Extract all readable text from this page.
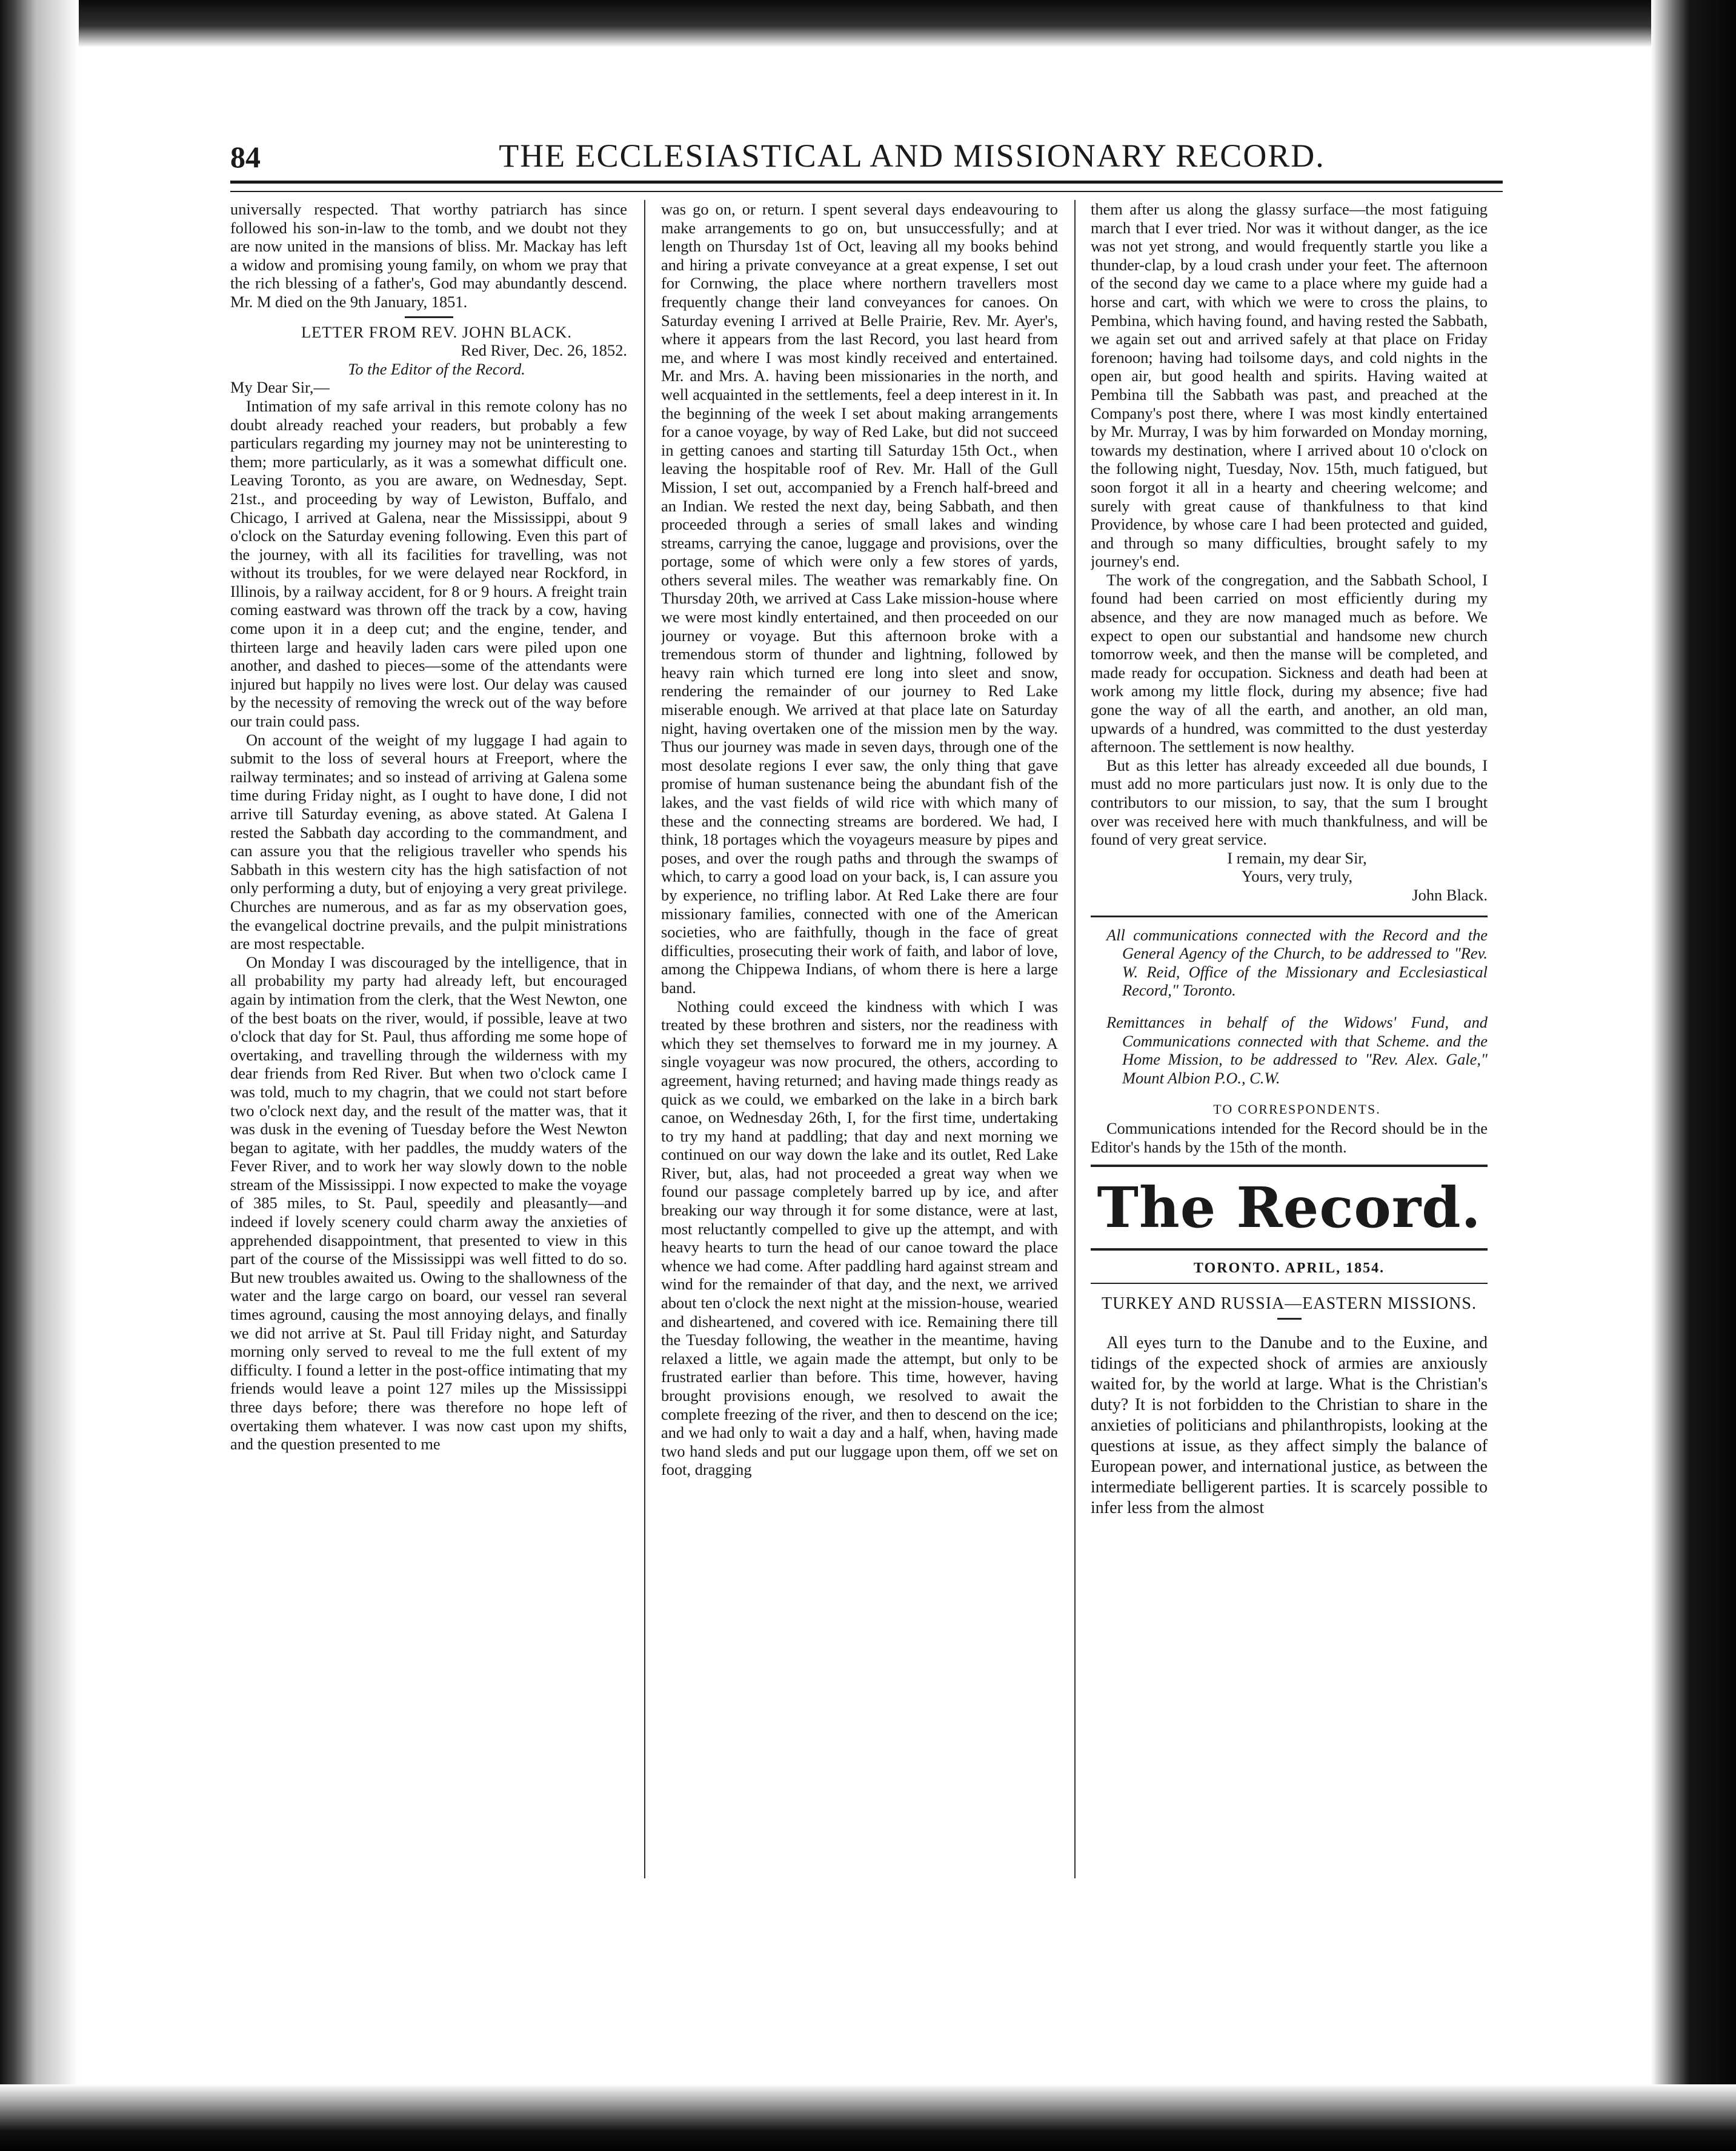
84	THE ECCLESIASTICAL AND MISSIONARY RECORD.

universally respected. That worthy patriarch has since followed his son-in-law to the tomb, and we doubt not they are now united in the mansions of bliss. Mr. Mackay has left a widow and promising young family, on whom we pray that the rich blessing of a father's, God may abundantly descend. Mr. M died on the 9th January, 1851.

LETTER FROM REV. JOHN BLACK.

Red River, Dec. 26, 1852.

To the Editor of the Record.

My Dear Sir,—

Intimation of my safe arrival in this remote colony has no doubt already reached your readers, but probably a few particulars regarding my journey may not be uninteresting to them; more particularly, as it was a somewhat difficult one. Leaving Toronto, as you are aware, on Wednesday, Sept. 21st., and proceeding by way of Lewiston, Buffalo, and Chicago, I arrived at Galena, near the Mississippi, about 9 o'clock on the Saturday evening following. Even this part of the journey, with all its facilities for travelling, was not without its troubles, for we were delayed near Rockford, in Illinois, by a railway accident, for 8 or 9 hours. A freight train coming eastward was thrown off the track by a cow, having come upon it in a deep cut; and the engine, tender, and thirteen large and heavily laden cars were piled upon one another, and dashed to pieces—some of the attendants were injured but happily no lives were lost. Our delay was caused by the necessity of removing the wreck out of the way before our train could pass.

On account of the weight of my luggage I had again to submit to the loss of several hours at Freeport, where the railway terminates; and so instead of arriving at Galena some time during Friday night, as I ought to have done, I did not arrive till Saturday evening, as above stated. At Galena I rested the Sabbath day according to the commandment, and can assure you that the religious traveller who spends his Sabbath in this western city has the high satisfaction of not only performing a duty, but of enjoying a very great privilege. Churches are numerous, and as far as my observation goes, the evangelical doctrine prevails, and the pulpit ministrations are most respectable.

On Monday I was discouraged by the intelligence, that in all probability my party had already left, but encouraged again by intimation from the clerk, that the West Newton, one of the best boats on the river, would, if possible, leave at two o'clock that day for St. Paul, thus affording me some hope of overtaking, and travelling through the wilderness with my dear friends from Red River. But when two o'clock came I was told, much to my chagrin, that we could not start before two o'clock next day, and the result of the matter was, that it was dusk in the evening of Tuesday before the West Newton began to agitate, with her paddles, the muddy waters of the Fever River, and to work her way slowly down to the noble stream of the Mississippi. I now expected to make the voyage of 385 miles, to St. Paul, speedily and pleasantly—and indeed if lovely scenery could charm away the anxieties of apprehended disappointment, that presented to view in this part of the course of the Mississippi was well fitted to do so. But new troubles awaited us. Owing to the shallowness of the water and the large cargo on board, our vessel ran several times aground, causing the most annoying delays, and finally we did not arrive at St. Paul till Friday night, and Saturday morning only served to reveal to me the full extent of my difficulty. I found a letter in the post-office intimating that my friends would leave a point 127 miles up the Mississippi three days before; there was therefore no hope left of overtaking them whatever. I was now cast upon my shifts, and the question presented to me

was go on, or return. I spent several days endeavouring to make arrangements to go on, but unsuccessfully; and at length on Thursday 1st of Oct, leaving all my books behind and hiring a private conveyance at a great expense, I set out for Cornwing, the place where northern travellers most frequently change their land conveyances for canoes. On Saturday evening I arrived at Belle Prairie, Rev. Mr. Ayer's, where it appears from the last Record, you last heard from me, and where I was most kindly received and entertained. Mr. and Mrs. A. having been missionaries in the north, and well acquainted in the settlements, feel a deep interest in it. In the beginning of the week I set about making arrangements for a canoe voyage, by way of Red Lake, but did not succeed in getting canoes and starting till Saturday 15th Oct., when leaving the hospitable roof of Rev. Mr. Hall of the Gull Mission, I set out, accompanied by a French half-breed and an Indian. We rested the next day, being Sabbath, and then proceeded through a series of small lakes and winding streams, carrying the canoe, luggage and provisions, over the portage, some of which were only a few stores of yards, others several miles. The weather was remarkably fine. On Thursday 20th, we arrived at Cass Lake mission-house where we were most kindly entertained, and then proceeded on our journey or voyage. But this afternoon broke with a tremendous storm of thunder and lightning, followed by heavy rain which turned ere long into sleet and snow, rendering the remainder of our journey to Red Lake miserable enough. We arrived at that place late on Saturday night, having overtaken one of the mission men by the way. Thus our journey was made in seven days, through one of the most desolate regions I ever saw, the only thing that gave promise of human sustenance being the abundant fish of the lakes, and the vast fields of wild rice with which many of these and the connecting streams are bordered. We had, I think, 18 portages which the voyageurs measure by pipes and poses, and over the rough paths and through the swamps of which, to carry a good load on your back, is, I can assure you by experience, no trifling labor. At Red Lake there are four missionary families, connected with one of the American societies, who are faithfully, though in the face of great difficulties, prosecuting their work of faith, and labor of love, among the Chippewa Indians, of whom there is here a large band.

Nothing could exceed the kindness with which I was treated by these brothren and sisters, nor the readiness with which they set themselves to forward me in my journey. A single voyageur was now procured, the others, according to agreement, having returned; and having made things ready as quick as we could, we embarked on the lake in a birch bark canoe, on Wednesday 26th, I, for the first time, undertaking to try my hand at paddling; that day and next morning we continued on our way down the lake and its outlet, Red Lake River, but, alas, had not proceeded a great way when we found our passage completely barred up by ice, and after breaking our way through it for some distance, were at last, most reluctantly compelled to give up the attempt, and with heavy hearts to turn the head of our canoe toward the place whence we had come. After paddling hard against stream and wind for the remainder of that day, and the next, we arrived about ten o'clock the next night at the mission-house, wearied and disheartened, and covered with ice. Remaining there till the Tuesday following, the weather in the meantime, having relaxed a little, we again made the attempt, but only to be frustrated earlier than before. This time, however, having brought provisions enough, we resolved to await the complete freezing of the river, and then to descend on the ice; and we had only to wait a day and a half, when, having made two hand sleds and put our luggage upon them, off we set on foot, dragging

them after us along the glassy surface—the most fatiguing march that I ever tried. Nor was it without danger, as the ice was not yet strong, and would frequently startle you like a thunder-clap, by a loud crash under your feet. The afternoon of the second day we came to a place where my guide had a horse and cart, with which we were to cross the plains, to Pembina, which having found, and having rested the Sabbath, we again set out and arrived safely at that place on Friday forenoon; having had toilsome days, and cold nights in the open air, but good health and spirits. Having waited at Pembina till the Sabbath was past, and preached at the Company's post there, where I was most kindly entertained by Mr. Murray, I was by him forwarded on Monday morning, towards my destination, where I arrived about 10 o'clock on the following night, Tuesday, Nov. 15th, much fatigued, but soon forgot it all in a hearty and cheering welcome; and surely with great cause of thankfulness to that kind Providence, by whose care I had been protected and guided, and through so many difficulties, brought safely to my journey's end.

The work of the congregation, and the Sabbath School, I found had been carried on most efficiently during my absence, and they are now managed much as before. We expect to open our substantial and handsome new church tomorrow week, and then the manse will be completed, and made ready for occupation. Sickness and death had been at work among my little flock, during my absence; five had gone the way of all the earth, and another, an old man, upwards of a hundred, was committed to the dust yesterday afternoon. The settlement is now healthy.

But as this letter has already exceeded all due bounds, I must add no more particulars just now. It is only due to the contributors to our mission, to say, that the sum I brought over was received here with much thankfulness, and will be found of very great service.

I remain, my dear Sir,

Yours, very truly,

John Black.

All communications connected with the Record and the General Agency of the Church, to be addressed to "Rev. W. Reid, Office of the Missionary and Ecclesiastical Record," Toronto.

Remittances in behalf of the Widows' Fund, and Communications connected with that Scheme. and the Home Mission, to be addressed to "Rev. Alex. Gale," Mount Albion P.O., C.W.

TO CORRESPONDENTS.

Communications intended for the Record should be in the Editor's hands by the 15th of the month.

The Record.
TORONTO. APRIL, 1854.
TURKEY AND RUSSIA—EASTERN MISSIONS.

All eyes turn to the Danube and to the Euxine, and tidings of the expected shock of armies are anxiously waited for, by the world at large. What is the Christian's duty? It is not forbidden to the Christian to share in the anxieties of politicians and philanthropists, looking at the questions at issue, as they affect simply the balance of European power, and international justice, as between the intermediate belligerent parties. It is scarcely possible to infer less from the almost
